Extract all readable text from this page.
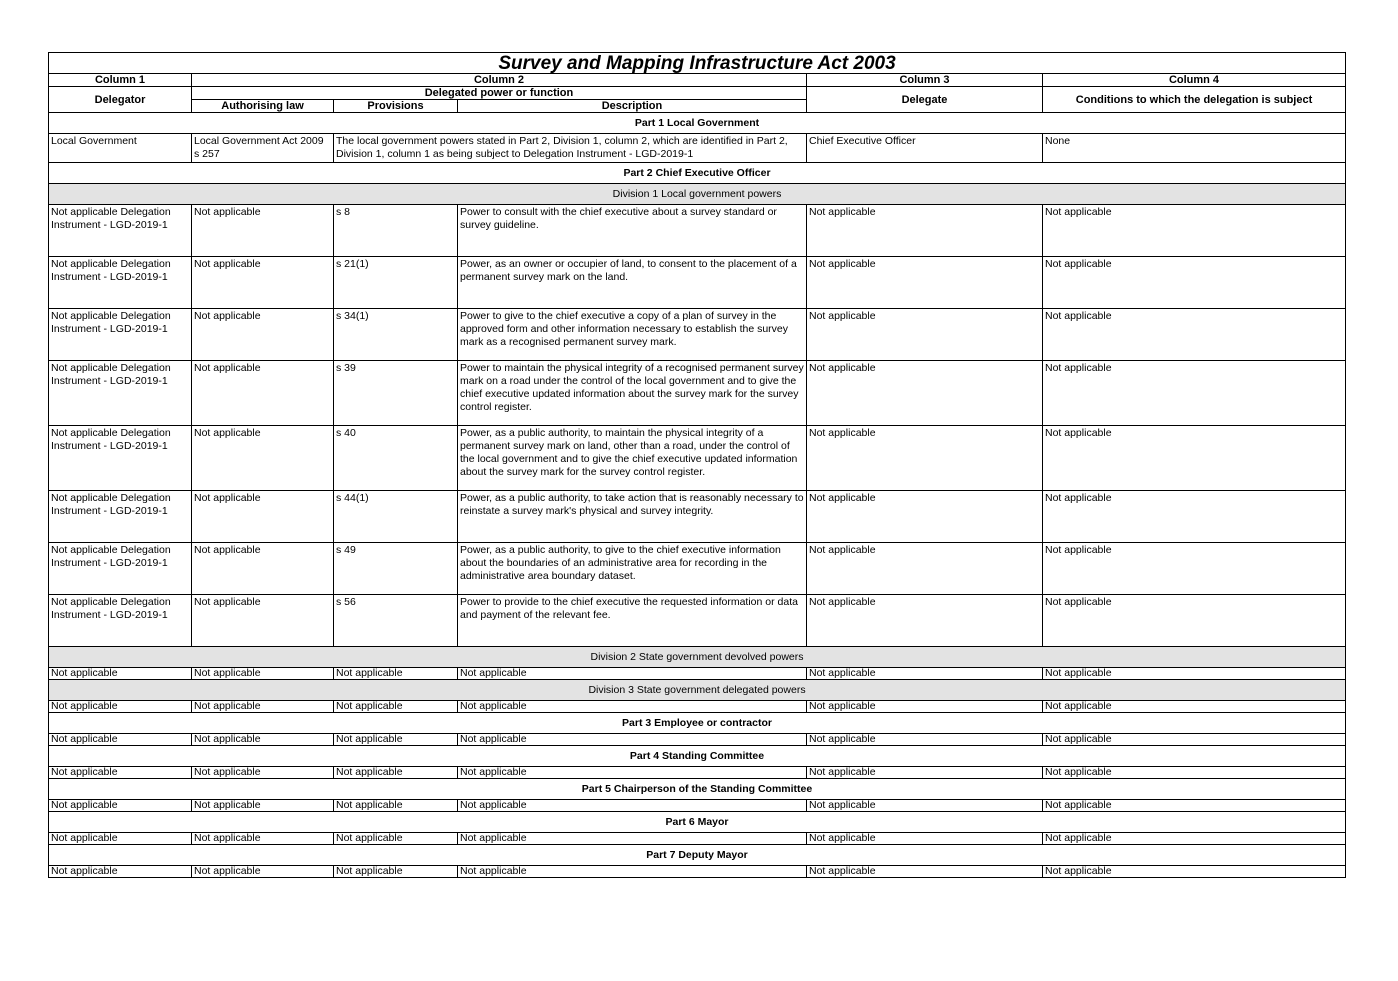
Survey and Mapping Infrastructure Act 2003					
Column 1	Column 2			Column 3	Column 4
Delegator	Delegated power or function			Delegate	Conditions to which the delegation is subject
	Authorising law	Provisions	Description		
Part 1 Local Government					
Local Government	Local Government Act 2009 s 257	The local government powers stated in Part 2, Division 1, column 2, which are identified in Part 2, Division 1, column 1 as being subject to Delegation Instrument - LGD-2019-1		Chief Executive Officer	None
Part 2 Chief Executive Officer					
Division 1 Local government powers					
Not applicable Delegation Instrument - LGD-2019-1	Not applicable	s 8	Power to consult with the chief executive about a survey standard or survey guideline.	Not applicable	Not applicable
Not applicable Delegation Instrument - LGD-2019-1	Not applicable	s 21(1)	Power, as an owner or occupier of land, to consent to the placement of a permanent survey mark on the land.	Not applicable	Not applicable
Not applicable Delegation Instrument - LGD-2019-1	Not applicable	s 34(1)	Power to give to the chief executive a copy of a plan of survey in the approved form and other information necessary to establish the survey mark as a recognised permanent survey mark.	Not applicable	Not applicable
Not applicable Delegation Instrument - LGD-2019-1	Not applicable	s 39	Power to maintain the physical integrity of a recognised permanent survey mark on a road under the control of the local government and to give the chief executive updated information about the survey mark for the survey control register.	Not applicable	Not applicable
Not applicable Delegation Instrument - LGD-2019-1	Not applicable	s 40	Power, as a public authority, to maintain the physical integrity of a permanent survey mark on land, other than a road, under the control of the local government and to give the chief executive updated information about the survey mark for the survey control register.	Not applicable	Not applicable
Not applicable Delegation Instrument - LGD-2019-1	Not applicable	s 44(1)	Power, as a public authority, to take action that is reasonably necessary to reinstate a survey mark's physical and survey integrity.	Not applicable	Not applicable
Not applicable Delegation Instrument - LGD-2019-1	Not applicable	s 49	Power, as a public authority, to give to the chief executive information about the boundaries of an administrative area for recording in the administrative area boundary dataset.	Not applicable	Not applicable
Not applicable Delegation Instrument - LGD-2019-1	Not applicable	s 56	Power to provide to the chief executive the requested information or data and payment of the relevant fee.	Not applicable	Not applicable
Division 2 State government devolved powers					
Not applicable	Not applicable	Not applicable	Not applicable	Not applicable	Not applicable
Division 3 State government delegated powers					
Not applicable	Not applicable	Not applicable	Not applicable	Not applicable	Not applicable
Part 3 Employee or contractor					
Not applicable	Not applicable	Not applicable	Not applicable	Not applicable	Not applicable
Part 4 Standing Committee					
Not applicable	Not applicable	Not applicable	Not applicable	Not applicable	Not applicable
Part 5 Chairperson of the Standing Committee					
Not applicable	Not applicable	Not applicable	Not applicable	Not applicable	Not applicable
Part 6 Mayor					
Not applicable	Not applicable	Not applicable	Not applicable	Not applicable	Not applicable
Part 7 Deputy Mayor					
Not applicable	Not applicable	Not applicable	Not applicable	Not applicable	Not applicable
